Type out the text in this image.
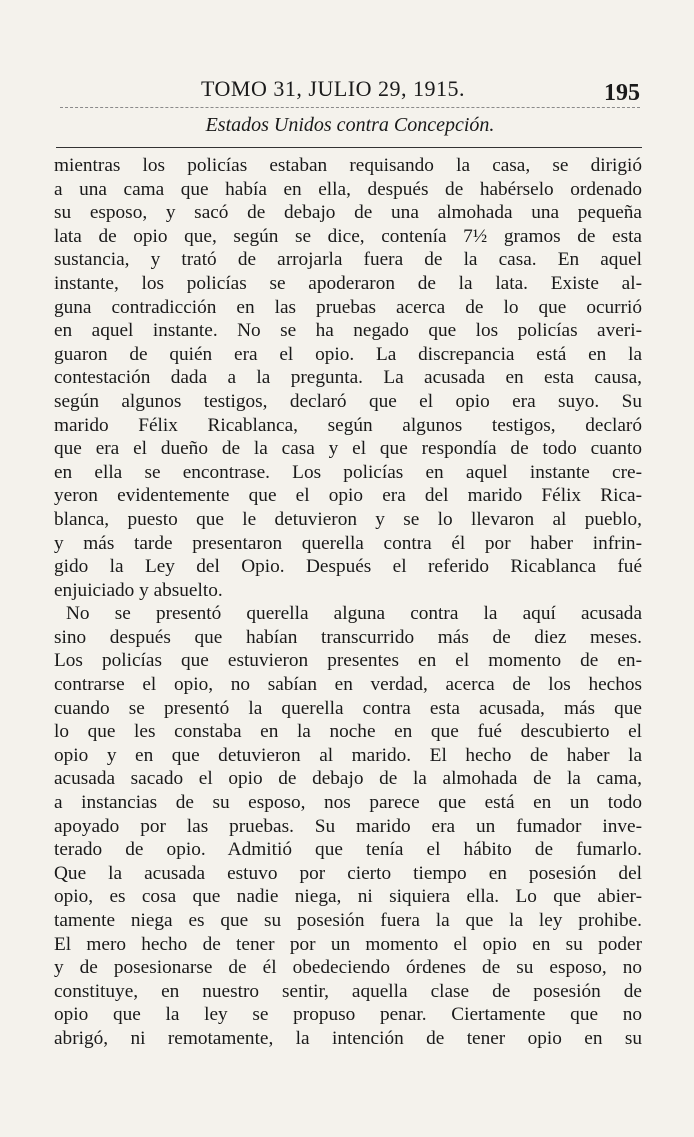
TOMO 31, JULIO 29, 1915.	195
Estados Unidos contra Concepción.
mientras los policías estaban requisando la casa, se dirigió
a una cama que había en ella, después de habérselo ordenado
su esposo, y sacó de debajo de una almohada una pequeña
lata de opio que, según se dice, contenía 7½ gramos de esta
sustancia, y trató de arrojarla fuera de la casa. En aquel
instante, los policías se apoderaron de la lata. Existe al-
guna contradicción en las pruebas acerca de lo que ocurrió
en aquel instante. No se ha negado que los policías averi-
guaron de quién era el opio. La discrepancia está en la
contestación dada a la pregunta. La acusada en esta causa,
según algunos testigos, declaró que el opio era suyo. Su
marido Félix Ricablanca, según algunos testigos, declaró
que era el dueño de la casa y el que respondía de todo cuanto
en ella se encontrase. Los policías en aquel instante cre-
yeron evidentemente que el opio era del marido Félix Rica-
blanca, puesto que le detuvieron y se lo llevaron al pueblo,
y más tarde presentaron querella contra él por haber infrin-
gido la Ley del Opio. Después el referido Ricablanca fué
enjuiciado y absuelto.
No se presentó querella alguna contra la aquí acusada
sino después que habían transcurrido más de diez meses.
Los policías que estuvieron presentes en el momento de en-
contrarse el opio, no sabían en verdad, acerca de los hechos
cuando se presentó la querella contra esta acusada, más que
lo que les constaba en la noche en que fué descubierto el
opio y en que detuvieron al marido. El hecho de haber la
acusada sacado el opio de debajo de la almohada de la cama,
a instancias de su esposo, nos parece que está en un todo
apoyado por las pruebas. Su marido era un fumador inve-
terado de opio. Admitió que tenía el hábito de fumarlo.
Que la acusada estuvo por cierto tiempo en posesión del
opio, es cosa que nadie niega, ni siquiera ella. Lo que abier-
tamente niega es que su posesión fuera la que la ley prohibe.
El mero hecho de tener por un momento el opio en su poder
y de posesionarse de él obedeciendo órdenes de su esposo, no
constituye, en nuestro sentir, aquella clase de posesión de
opio que la ley se propuso penar. Ciertamente que no
abrigó, ni remotamente, la intención de tener opio en su
